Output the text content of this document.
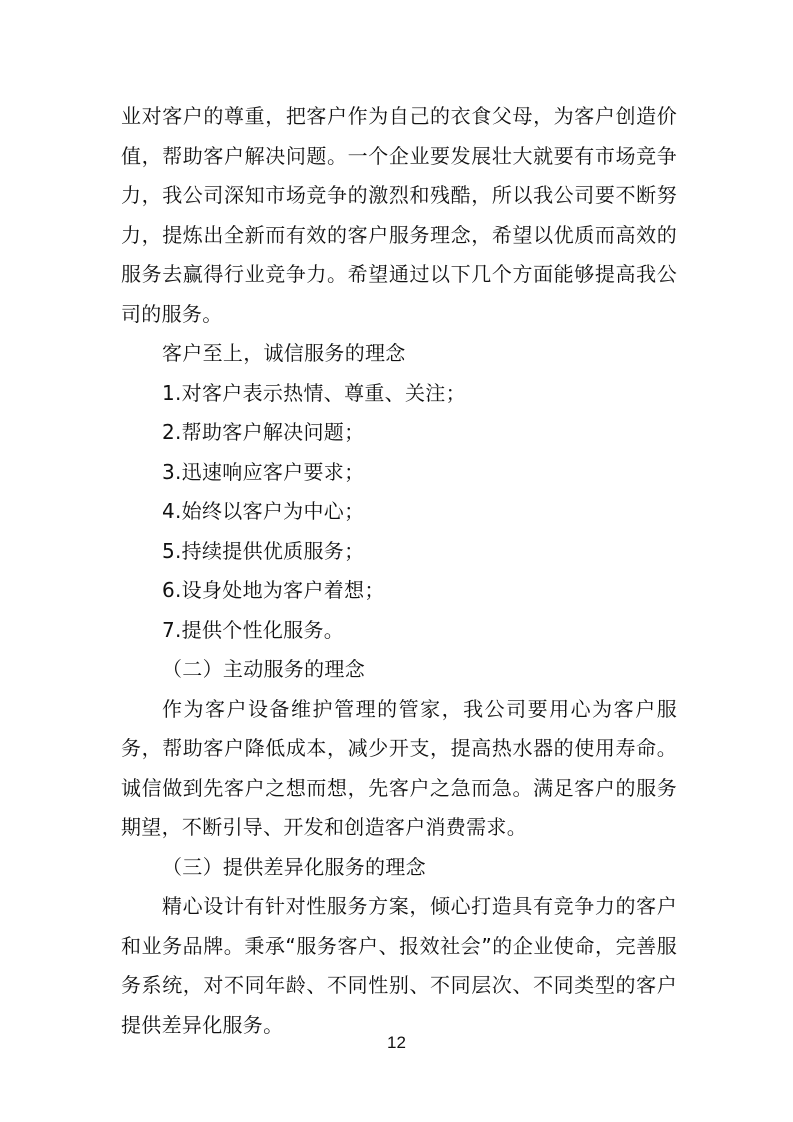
业对客户的尊重，把客户作为自己的衣食父母，为客户创造价值，帮助客户解决问题。一个企业要发展壮大就要有市场竞争力，我公司深知市场竞争的激烈和残酷，所以我公司要不断努力，提炼出全新而有效的客户服务理念，希望以优质而高效的服务去赢得行业竞争力。希望通过以下几个方面能够提高我公司的服务。

客户至上，诚信服务的理念

1.对客户表示热情、尊重、关注；

2.帮助客户解决问题；

3.迅速响应客户要求；

4.始终以客户为中心；

5.持续提供优质服务；

6.设身处地为客户着想；

7.提供个性化服务。

（二）主动服务的理念

作为客户设备维护管理的管家，我公司要用心为客户服务，帮助客户降低成本，减少开支，提高热水器的使用寿命。诚信做到先客户之想而想，先客户之急而急。满足客户的服务期望，不断引导、开发和创造客户消费需求。

（三）提供差异化服务的理念

精心设计有针对性服务方案，倾心打造具有竞争力的客户和业务品牌。秉承“服务客户、报效社会”的企业使命，完善服务系统，对不同年龄、不同性别、不同层次、不同类型的客户提供差异化服务。

12
